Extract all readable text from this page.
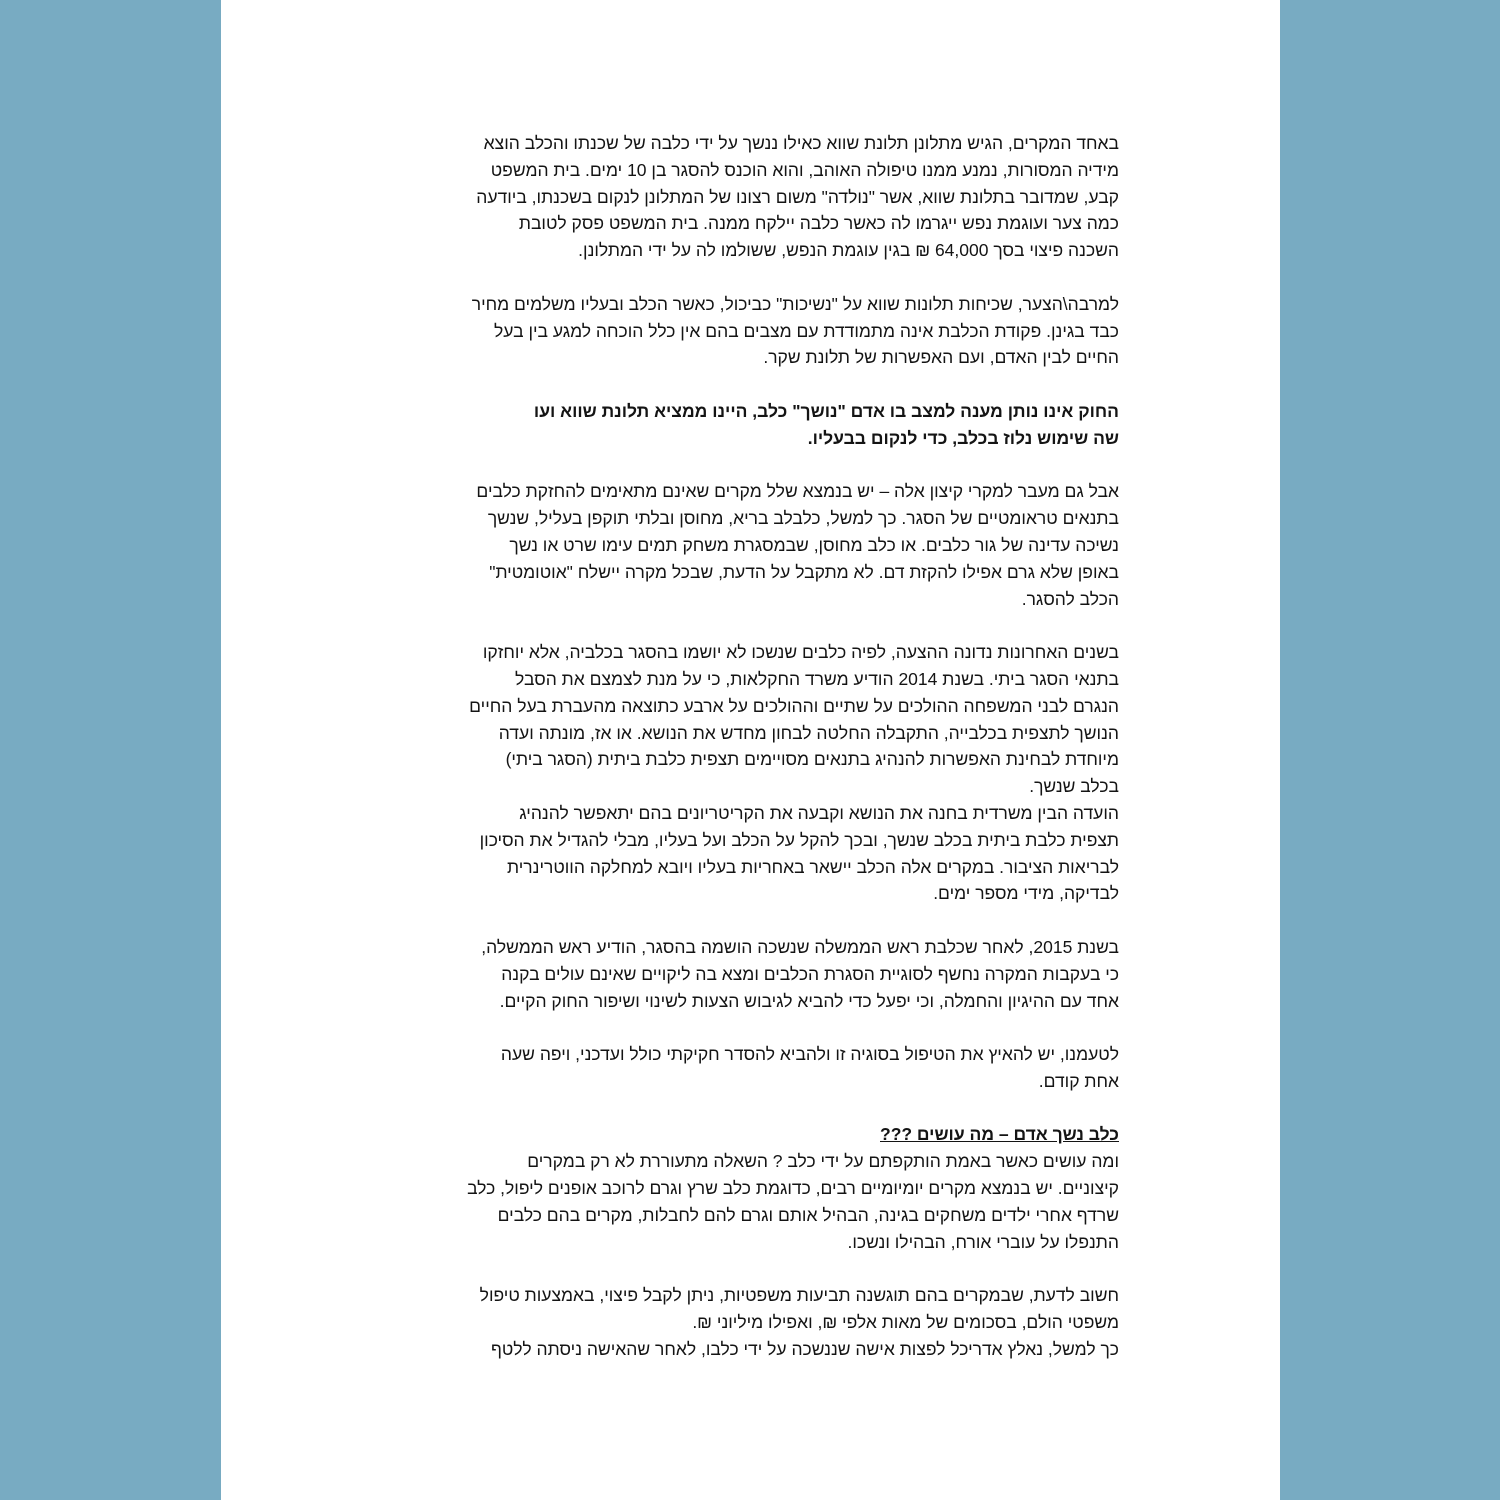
באחד המקרים, הגיש מתלונן תלונת שווא כאילו ננשך על ידי כלבה של שכנתו והכלב הוצא
מידיה המסורות, נמנע ממנו טיפולה האוהב, והוא הוכנס להסגר בן 10 ימים. בית המשפט
קבע, שמדובר בתלונת שווא, אשר "נולדה" משום רצונו של המתלונן לנקום בשכנתו, ביודעה
כמה צער ועוגמת נפש ייגרמו לה כאשר כלבה יילקח ממנה. בית המשפט פסק לטובת
השכנה פיצוי בסך 64,000 ₪ בגין עוגמת הנפש, ששולמו לה על ידי המתלונן.
למרבה\הצער, שכיחות תלונות שווא על "נשיכות" כביכול, כאשר הכלב ובעליו משלמים מחיר
כבד בגינן. פקודת הכלבת אינה מתמודדת עם מצבים בהם אין כלל הוכחה למגע בין בעל
החיים לבין האדם, ועם האפשרות של תלונת שקר.
החוק אינו נותן מענה למצב בו אדם "נושך" כלב, היינו ממציא תלונת שווא ועו
שה שימוש נלוז בכלב, כדי לנקום בבעליו.
אבל גם מעבר למקרי קיצון אלה – יש בנמצא שלל מקרים שאינם מתאימים להחזקת כלבים
בתנאים טראומטיים של הסגר. כך למשל, כלבלב בריא, מחוסן ובלתי תוקפן בעליל, שנשך
נשיכה עדינה של גור כלבים. או כלב מחוסן, שבמסגרת משחק תמים עימו שרט או נשך
באופן שלא גרם אפילו להקזת דם. לא מתקבל על הדעת, שבכל מקרה יישלח "אוטומטית"
הכלב להסגר.
בשנים האחרונות נדונה ההצעה, לפיה כלבים שנשכו לא יושמו בהסגר בכלביה, אלא יוחזקו
בתנאי הסגר ביתי. בשנת 2014 הודיע משרד החקלאות, כי על מנת לצמצם את הסבל
הנגרם לבני המשפחה ההולכים על שתיים וההולכים על ארבע כתוצאה מהעברת בעל החיים
הנושך לתצפית בכלבייה, התקבלה החלטה לבחון מחדש את הנושא. או אז, מונתה ועדה
מיוחדת לבחינת האפשרות להנהיג בתנאים מסויימים תצפית כלבת ביתית (הסגר ביתי)
בכלב שנשך.
הועדה הבין משרדית בחנה את הנושא וקבעה את הקריטריונים בהם יתאפשר להנהיג
תצפית כלבת ביתית בכלב שנשך, ובכך להקל על הכלב ועל בעליו, מבלי להגדיל את הסיכון
לבריאות הציבור. במקרים אלה הכלב יישאר באחריות בעליו ויובא למחלקה הווטרינרית
לבדיקה, מידי מספר ימים.
בשנת 2015, לאחר שכלבת ראש הממשלה שנשכה הושמה בהסגר, הודיע ראש הממשלה,
כי בעקבות המקרה נחשף לסוגיית הסגרת הכלבים ומצא בה ליקויים שאינם עולים בקנה
אחד עם ההיגיון והחמלה, וכי יפעל כדי להביא לגיבוש הצעות לשינוי ושיפור החוק הקיים.
לטעמנו, יש להאיץ את הטיפול בסוגיה זו ולהביא להסדר חקיקתי כולל ועדכני, ויפה שעה
אחת קודם.
כלב נשך אדם – מה עושים ???
ומה עושים כאשר באמת הותקפתם על ידי כלב ? השאלה מתעוררת לא רק במקרים
קיצוניים. יש בנמצא מקרים יומיומיים רבים, כדוגמת כלב שרץ וגרם לרוכב אופנים ליפול, כלב
שרדף אחרי ילדים משחקים בגינה, הבהיל אותם וגרם להם לחבלות, מקרים בהם כלבים
התנפלו על עוברי אורח, הבהילו ונשכו.
חשוב לדעת, שבמקרים בהם תוגשנה תביעות משפטיות, ניתן לקבל פיצוי, באמצעות טיפול
משפטי הולם, בסכומים של מאות אלפי ₪, ואפילו מיליוני ₪.
כך למשל, נאלץ אדריכל לפצות אישה שננשכה על ידי כלבו, לאחר שהאישה ניסתה ללטף
